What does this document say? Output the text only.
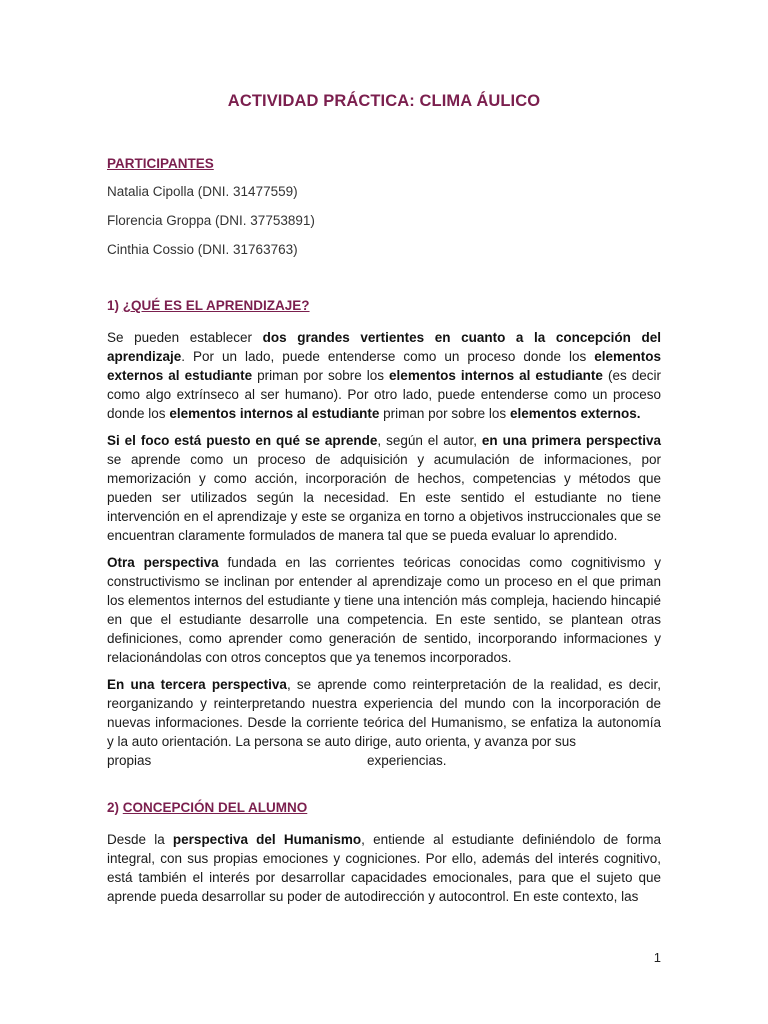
ACTIVIDAD PRÁCTICA: CLIMA ÁULICO
PARTICIPANTES

Natalia Cipolla (DNI. 31477559)

Florencia Groppa (DNI. 37753891)

Cinthia Cossio (DNI. 31763763)

1) ¿QUÉ ES EL APRENDIZAJE?

Se pueden establecer dos grandes vertientes en cuanto a la concepción del aprendizaje. Por un lado, puede entenderse como un proceso donde los elementos externos al estudiante priman por sobre los elementos internos al estudiante (es decir como algo extrínseco al ser humano). Por otro lado, puede entenderse como un proceso donde los elementos internos al estudiante priman por sobre los elementos externos.

Si el foco está puesto en qué se aprende, según el autor, en una primera perspectiva se aprende como un proceso de adquisición y acumulación de informaciones, por memorización y como acción, incorporación de hechos, competencias y métodos que pueden ser utilizados según la necesidad. En este sentido el estudiante no tiene intervención en el aprendizaje y este se organiza en torno a objetivos instruccionales que se encuentran claramente formulados de manera tal que se pueda evaluar lo aprendido.

Otra perspectiva fundada en las corrientes teóricas conocidas como cognitivismo y constructivismo se inclinan por entender al aprendizaje como un proceso en el que priman los elementos internos del estudiante y tiene una intención más compleja, haciendo hincapié en que el estudiante desarrolle una competencia. En este sentido, se plantean otras definiciones, como aprender como generación de sentido, incorporando informaciones y relacionándolas con otros conceptos que ya tenemos incorporados.

En una tercera perspectiva, se aprende como reinterpretación de la realidad, es decir, reorganizando y reinterpretando nuestra experiencia del mundo con la incorporación de nuevas informaciones. Desde la corriente teórica del Humanismo, se enfatiza la autonomía y la auto orientación. La persona se auto dirige, auto orienta, y avanza por sus

propias	experiencias.
2) CONCEPCIÓN DEL ALUMNO

Desde la perspectiva del Humanismo, entiende al estudiante definiéndolo de forma integral, con sus propias emociones y cogniciones. Por ello, además del interés cognitivo, está también el interés por desarrollar capacidades emocionales, para que el sujeto que aprende pueda desarrollar su poder de autodirección y autocontrol. En este contexto, las

1
